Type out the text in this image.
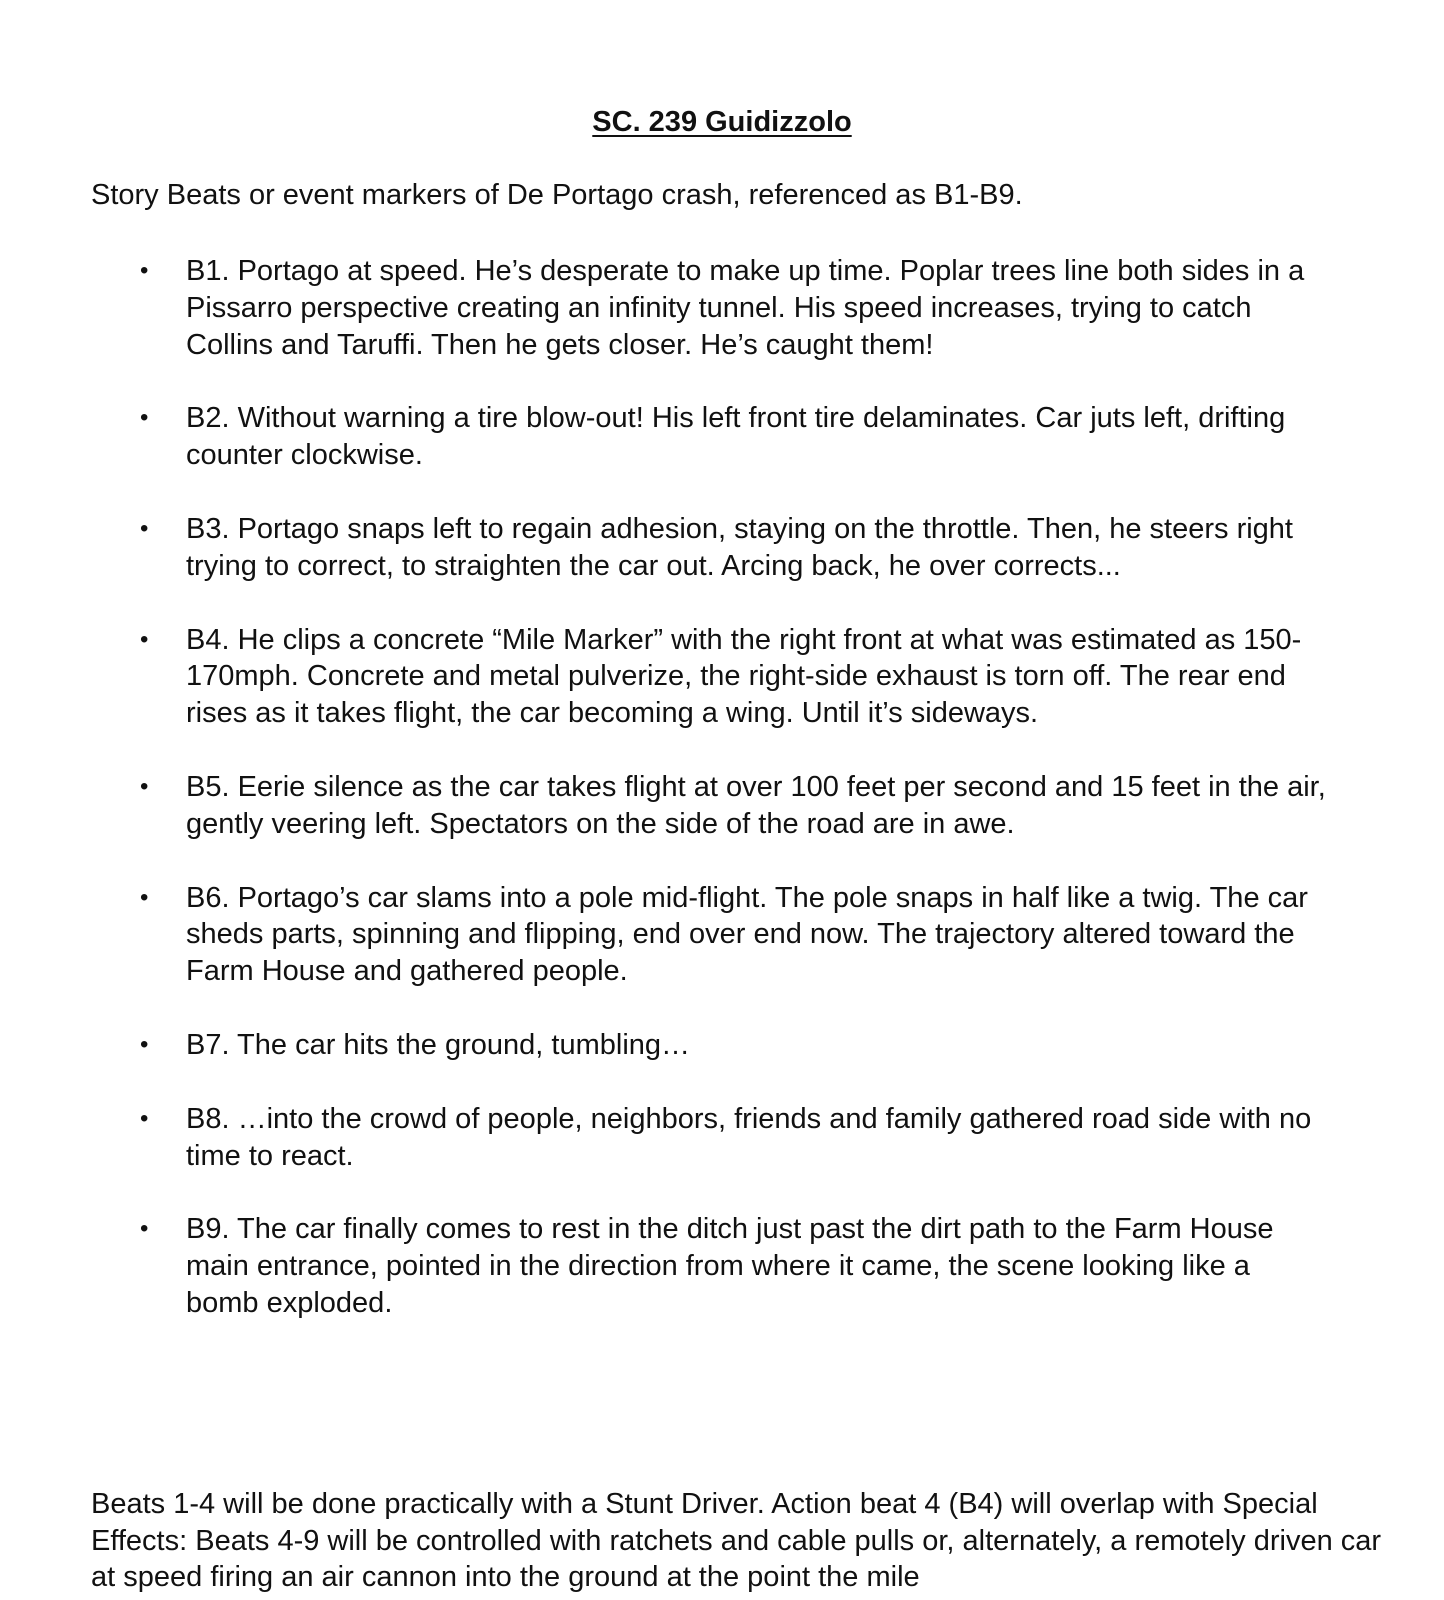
SC. 239 Guidizzolo

Story Beats or event markers of De Portago crash, referenced as B1-B9.

• B1. Portago at speed. He’s desperate to make up time. Poplar trees line both sides in a Pissarro perspective creating an infinity tunnel. His speed increases, trying to catch Collins and Taruffi. Then he gets closer. He’s caught them!
• B2. Without warning a tire blow-out! His left front tire delaminates. Car juts left, drifting counter clockwise.
• B3. Portago snaps left to regain adhesion, staying on the throttle. Then, he steers right trying to correct, to straighten the car out. Arcing back, he over corrects...
• B4. He clips a concrete “Mile Marker” with the right front at what was estimated as 150-170mph. Concrete and metal pulverize, the right-side exhaust is torn off. The rear end rises as it takes flight, the car becoming a wing. Until it’s sideways.
• B5. Eerie silence as the car takes flight at over 100 feet per second and 15 feet in the air, gently veering left. Spectators on the side of the road are in awe.
• B6. Portago’s car slams into a pole mid-flight. The pole snaps in half like a twig. The car sheds parts, spinning and flipping, end over end now. The trajectory altered toward the Farm House and gathered people.
• B7. The car hits the ground, tumbling…
• B8. …into the crowd of people, neighbors, friends and family gathered road side with no time to react.
• B9. The car finally comes to rest in the ditch just past the dirt path to the Farm House main entrance, pointed in the direction from where it came, the scene looking like a bomb exploded.

Beats 1-4 will be done practically with a Stunt Driver. Action beat 4 (B4) will overlap with Special Effects: Beats 4-9 will be controlled with ratchets and cable pulls or, alternately, a remotely driven car at speed firing an air cannon into the ground at the point the mile
